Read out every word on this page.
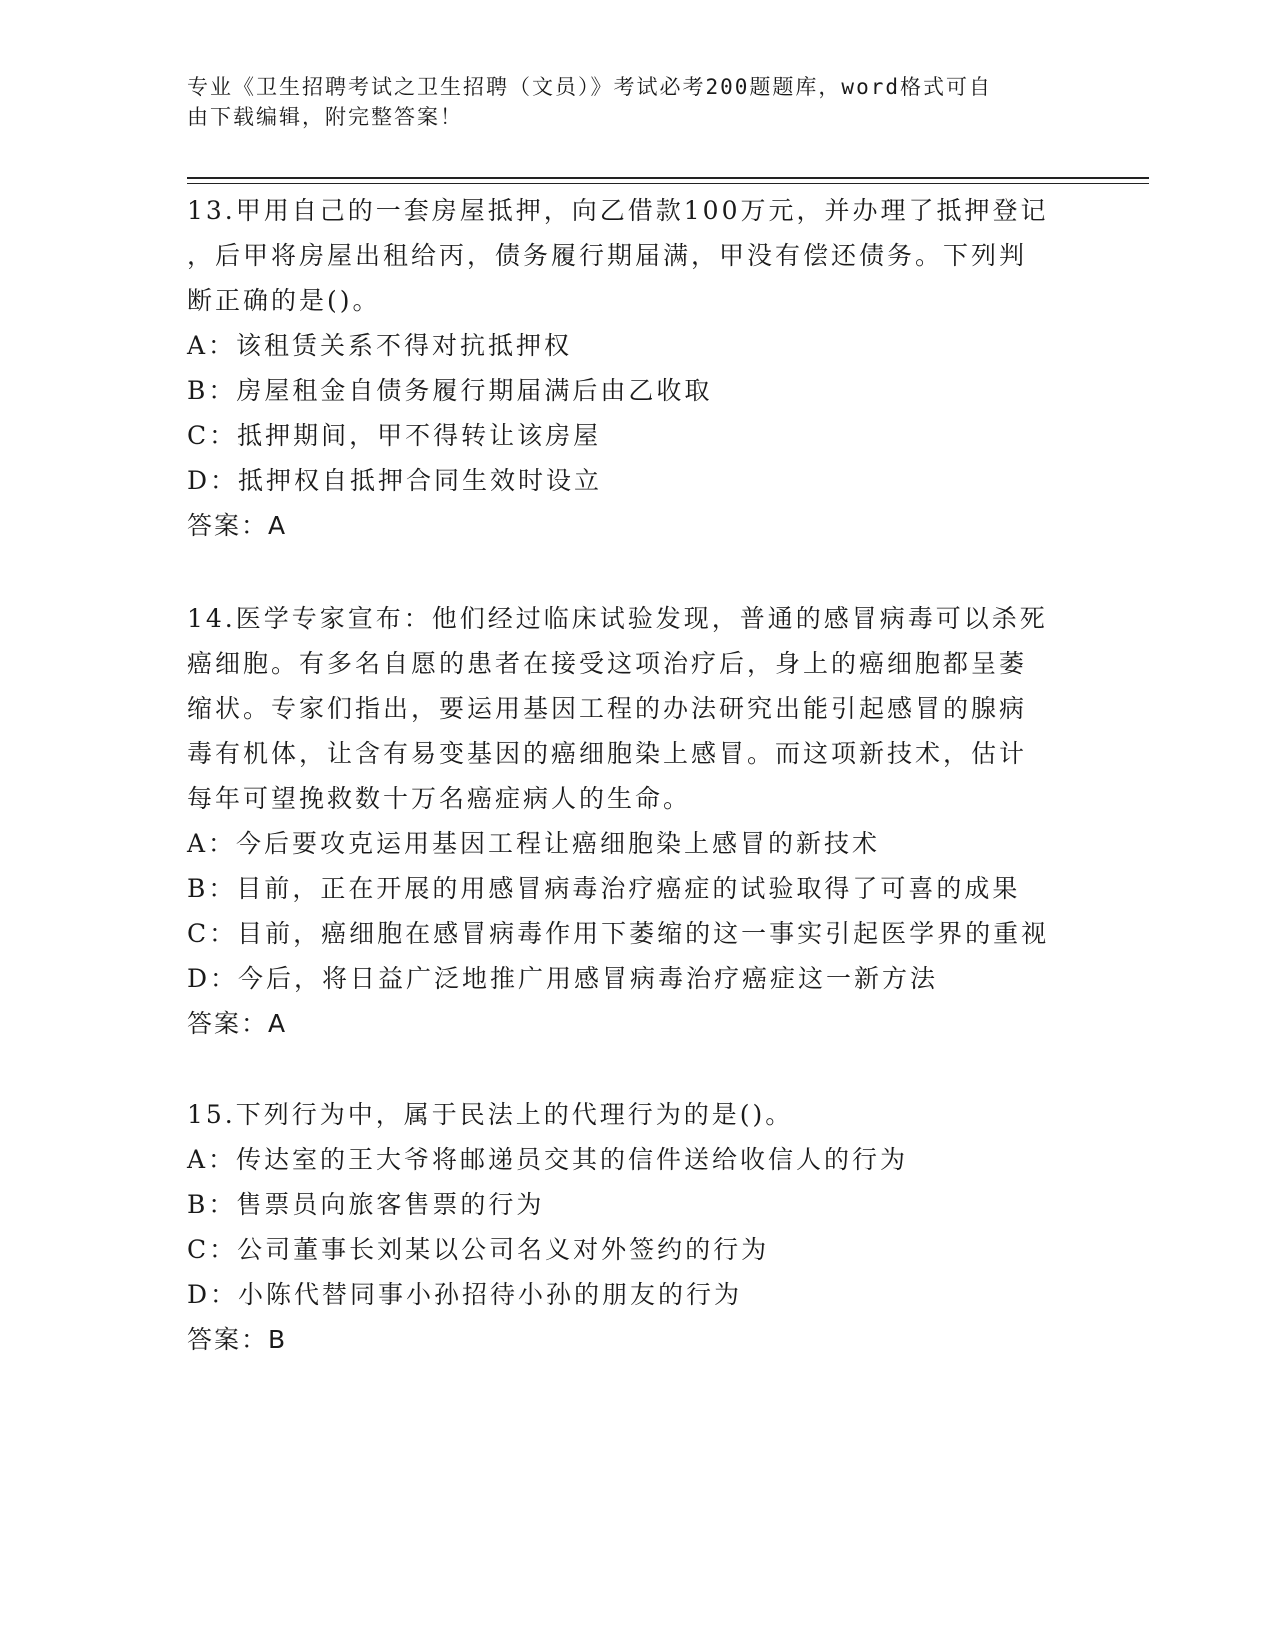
专业《卫生招聘考试之卫生招聘（文员）》考试必考200题题库，word格式可自
由下载编辑，附完整答案！

13.甲用自己的一套房屋抵押，向乙借款100万元，并办理了抵押登记

，后甲将房屋出租给丙，债务履行期届满，甲没有偿还债务。下列判

断正确的是()。

A：该租赁关系不得对抗抵押权

B：房屋租金自债务履行期届满后由乙收取

C：抵押期间，甲不得转让该房屋

D：抵押权自抵押合同生效时设立

答案：A

14.医学专家宣布：他们经过临床试验发现，普通的感冒病毒可以杀死

癌细胞。有多名自愿的患者在接受这项治疗后，身上的癌细胞都呈萎

缩状。专家们指出，要运用基因工程的办法研究出能引起感冒的腺病

毒有机体，让含有易变基因的癌细胞染上感冒。而这项新技术，估计

每年可望挽救数十万名癌症病人的生命。

A：今后要攻克运用基因工程让癌细胞染上感冒的新技术

B：目前，正在开展的用感冒病毒治疗癌症的试验取得了可喜的成果

C：目前，癌细胞在感冒病毒作用下萎缩的这一事实引起医学界的重视

D：今后，将日益广泛地推广用感冒病毒治疗癌症这一新方法

答案：A

15.下列行为中，属于民法上的代理行为的是()。

A：传达室的王大爷将邮递员交其的信件送给收信人的行为

B：售票员向旅客售票的行为

C：公司董事长刘某以公司名义对外签约的行为

D：小陈代替同事小孙招待小孙的朋友的行为

答案：B
